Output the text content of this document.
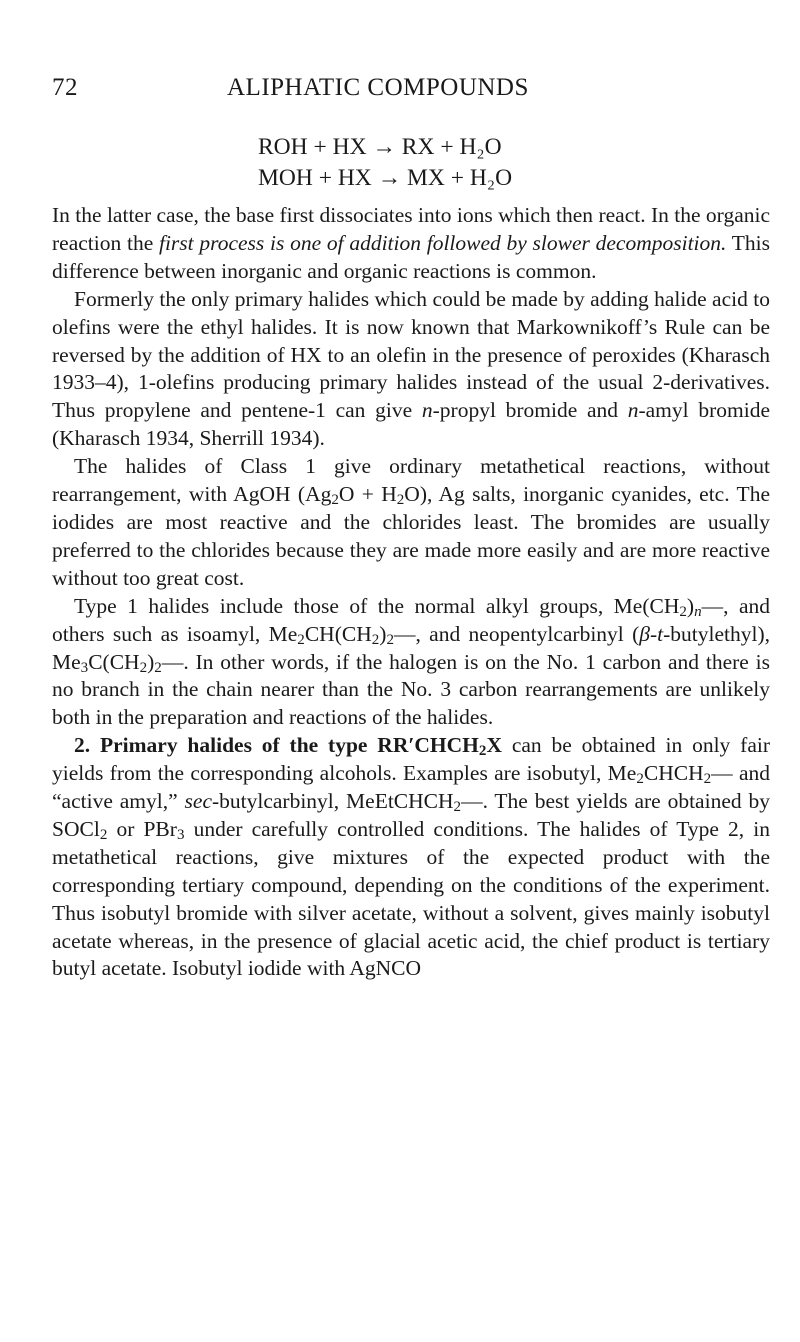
72	ALIPHATIC COMPOUNDS
ROH + HX → RX + H₂O
MOH + HX → MX + H₂O

In the latter case, the base first dissociates into ions which then react. In the organic reaction the first process is one of addition followed by slower decomposition. This difference between inorganic and organic reactions is common.

Formerly the only primary halides which could be made by adding halide acid to olefins were the ethyl halides. It is now known that Markownikoff’s Rule can be reversed by the addition of HX to an olefin in the presence of peroxides (Kharasch 1933–4), 1-olefins producing primary halides instead of the usual 2-derivatives. Thus propylene and pentene-1 can give n-propyl bromide and n-amyl bromide (Kharasch 1934, Sherrill 1934).

The halides of Class 1 give ordinary metathetical reactions, without rearrangement, with AgOH $(Ag_2O + H_2O)$, Ag salts, inorganic cyanides, etc. The iodides are most reactive and the chlorides least. The bromides are usually preferred to the chlorides because they are made more easily and are more reactive without too great cost.

Type 1 halides include those of the normal alkyl groups, $Me(CH_2)_n—$, and others such as isoamyl, $Me_2CH(CH_2)_2—$, and neopentylcarbinyl (β-t-butylethyl), $Me_3C(CH_2)_2—$. In other words, if the halogen is on the No. 1 carbon and there is no branch in the chain nearer than the No. 3 carbon rearrangements are unlikely both in the preparation and reactions of the halides.

2. Primary halides of the type $RR'CHCH_2X$ can be obtained in only fair yields from the corresponding alcohols. Examples are isobutyl, $Me_2CHCH_2—$ and “active amyl,” sec-butylcarbinyl, MeEtCHCH$_2$—. The best yields are obtained by SOCl$_2$ or PBr$_3$ under carefully controlled conditions. The halides of Type 2, in metathetical reactions, give mixtures of the expected product with the corresponding tertiary compound, depending on the conditions of the experiment. Thus isobutyl bromide with silver acetate, without a solvent, gives mainly isobutyl acetate whereas, in the presence of glacial acetic acid, the chief product is tertiary butyl acetate. Isobutyl iodide with AgNCO
